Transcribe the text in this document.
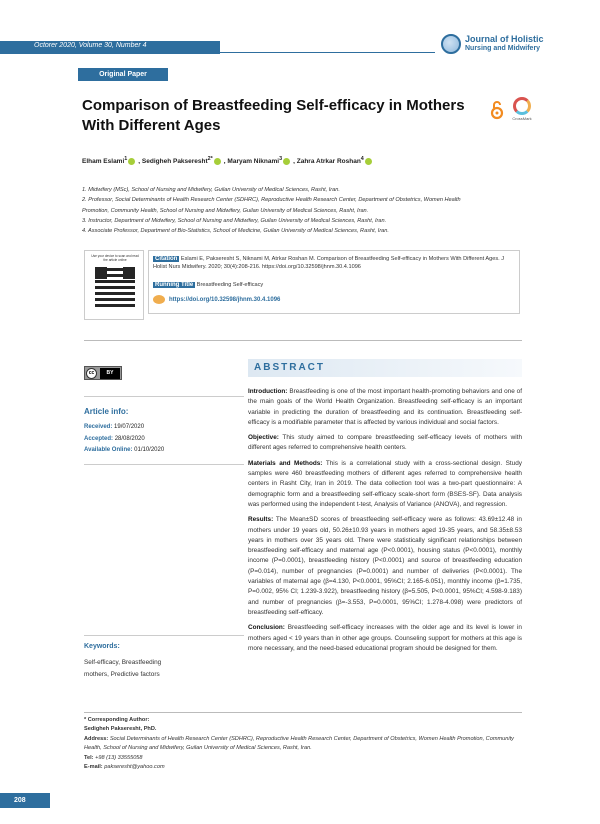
Octorer 2020, Volume 30, Number 4
Journal of Holistic
Nursing and Midwifery
Original Paper
Comparison of Breastfeeding Self-efficacy in Mothers With Different Ages	CrossMark
Elham Eslami$^1$ , Sedigheh Pakseresht$^{2*}$ , Maryam Niknami$^3$ , Zahra Atrkar Roshan$^4$
1. Midwifery (MSc), School of Nursing and Midwifery, Guilan University of Medical Sciences, Rasht, Iran.
2. Professor, Social Determinants of Health Research Center (SDHRC), Reproductive Health Research Center, Department of Obstetrics, Women Health
Promotion, Community Health, School of Nursing and Midwifery, Guilan University of Medical Sciences, Rasht, Iran.
3. Instructor, Department of Midwifery, School of Nursing and Midwifery, Guilan University of Medical Sciences, Rasht, Iran.
4. Associate Professor, Department of Bio-Statistics, School of Medicine, Guilan University of Medical Sciences, Rasht, Iran.
Use your device to scan and read the article online	Citation Eslami E, Pakseresht S, Niknami M, Atrkar Roshan M. Comparison of Breastfeeding Self-efficacy in Mothers With Different Ages. J Holist Nurs Midwifery. 2020; 30(4):208-216. https://doi.org/10.32598/jhnm.30.4.1096
Running Title Breastfeeding Self-efficacy
https://doi.org/10.32598/jhnm.30.4.1096
cc	BY
Article info:
Received: 19/07/2020
Accepted: 28/08/2020
Available Online: 01/10/2020
Keywords:
Self-efficacy, Breastfeeding mothers, Predictive factors
ABSTRACT

Introduction: Breastfeeding is one of the most important health-promoting behaviors and one of the main goals of the World Health Organization. Breastfeeding self-efficacy is an important variable in predicting the duration of breastfeeding and its continuation. Breastfeeding self-efficacy is a modifiable parameter that is affected by various individual and social factors.

Objective: This study aimed to compare breastfeeding self-efficacy levels of mothers with different ages referred to comprehensive health centers.

Materials and Methods: This is a correlational study with a cross-sectional design. Study samples were 460 breastfeeding mothers of different ages referred to comprehensive health centers in Rasht City, Iran in 2019. The data collection tool was a two-part questionnaire: A demographic form and a breastfeeding self-efficacy scale-short form (BSES-SF). Data analysis was performed using the independent t-test, Analysis of Variance (ANOVA), and regression.

Results: The Mean±SD scores of breastfeeding self-efficacy were as follows: 43.69±12.48 in mothers under 19 years old, 50.26±10.93 years in mothers aged 19-35 years, and 58.35±8.53 years in mothers over 35 years old. There were statistically significant relationships between breastfeeding self-efficacy and maternal age (P<0.0001), housing status (P<0.0001), monthly income (P=0.0001), breastfeeding history (P<0.0001) and source of breastfeeding education (P=0.014), number of pregnancies (P=0.0001) and number of deliveries (P<0.0001). The variables of maternal age (β=4.130, P<0.0001, 95%CI; 2.165-6.051), monthly income (β=1.735, P=0.002, 95% CI; 1.239-3.922), breastfeeding history (β=5.505, P<0.0001, 95%CI; 4.598-9.183) and number of pregnancies (β=-3.553, P=0.0001, 95%CI; 1.278-4.098) were predictors of breastfeeding self-efficacy.

Conclusion: Breastfeeding self-efficacy increases with the older age and its level is lower in mothers aged < 19 years than in other age groups. Counseling support for mothers at this age is more necessary, and the need-based educational program should be designed for them.

* Corresponding Author:
Sedigheh Pakseresht, PhD.
Address: Social Determinants of Health Research Center (SDHRC), Reproductive Health Research Center, Department of Obstetrics, Women Health Promotion, Community Health, School of Nursing and Midwifery, Guilan University of Medical Sciences, Rasht, Iran.
Tel: +98 (13) 33555058
E-mail: pakseresht@yahoo.com
208
